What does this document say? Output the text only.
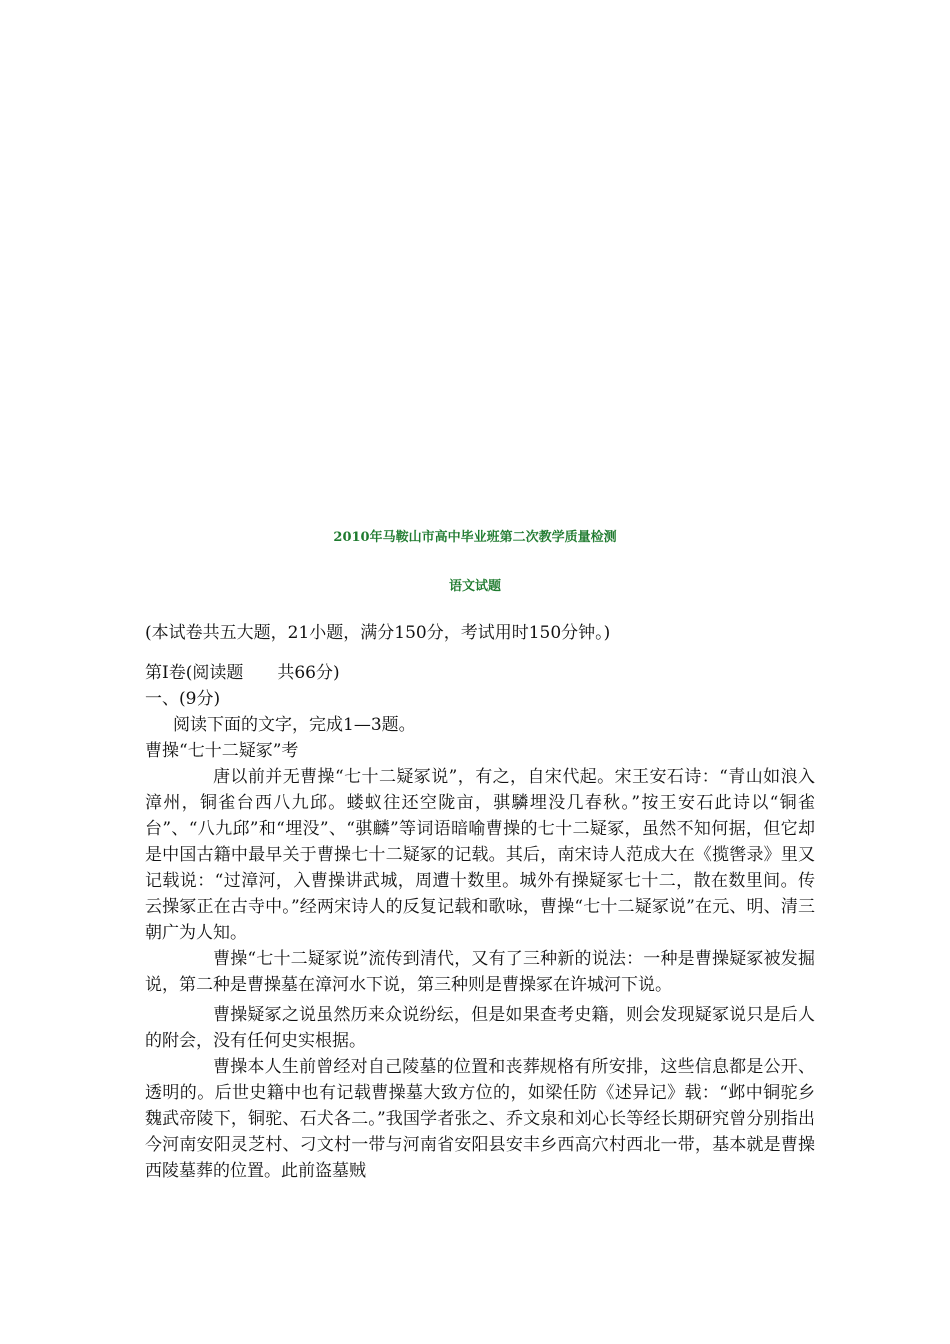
2010年马鞍山市高中毕业班第二次教学质量检测
语文试题
(本试卷共五大题，21小题，满分150分，考试用时150分钟。)
第Ⅰ卷(阅读题　　共66分)
一、(9分)
阅读下面的文字，完成1—3题。
曹操“七十二疑冢”考

唐以前并无曹操“七十二疑冢说”，有之，自宋代起。宋王安石诗：“青山如浪入漳州，铜雀台西八九邱。蝼蚁往还空陇亩，骐驎埋没几春秋。”按王安石此诗以“铜雀台”、“八九邱”和“埋没”、“骐麟”等词语暗喻曹操的七十二疑冢，虽然不知何据，但它却是中国古籍中最早关于曹操七十二疑冢的记载。其后，南宋诗人范成大在《揽辔录》里又记载说：“过漳河，入曹操讲武城，周遭十数里。城外有操疑冢七十二，散在数里间。传云操冢正在古寺中。”经两宋诗人的反复记载和歌咏，曹操“七十二疑冢说”在元、明、清三朝广为人知。

曹操“七十二疑冢说”流传到清代，又有了三种新的说法：一种是曹操疑冢被发掘说，第二种是曹操墓在漳河水下说，第三种则是曹操冢在许城河下说。

曹操疑冢之说虽然历来众说纷纭，但是如果查考史籍，则会发现疑冢说只是后人的附会，没有任何史实根据。

曹操本人生前曾经对自己陵墓的位置和丧葬规格有所安排，这些信息都是公开、透明的。后世史籍中也有记载曹操墓大致方位的，如梁任防《述异记》载：“邺中铜驼乡魏武帝陵下，铜驼、石犬各二。”我国学者张之、乔文泉和刘心长等经长期研究曾分别指出今河南安阳灵芝村、刁文村一带与河南省安阳县安丰乡西高穴村西北一带，基本就是曹操西陵墓葬的位置。此前盗墓贼
